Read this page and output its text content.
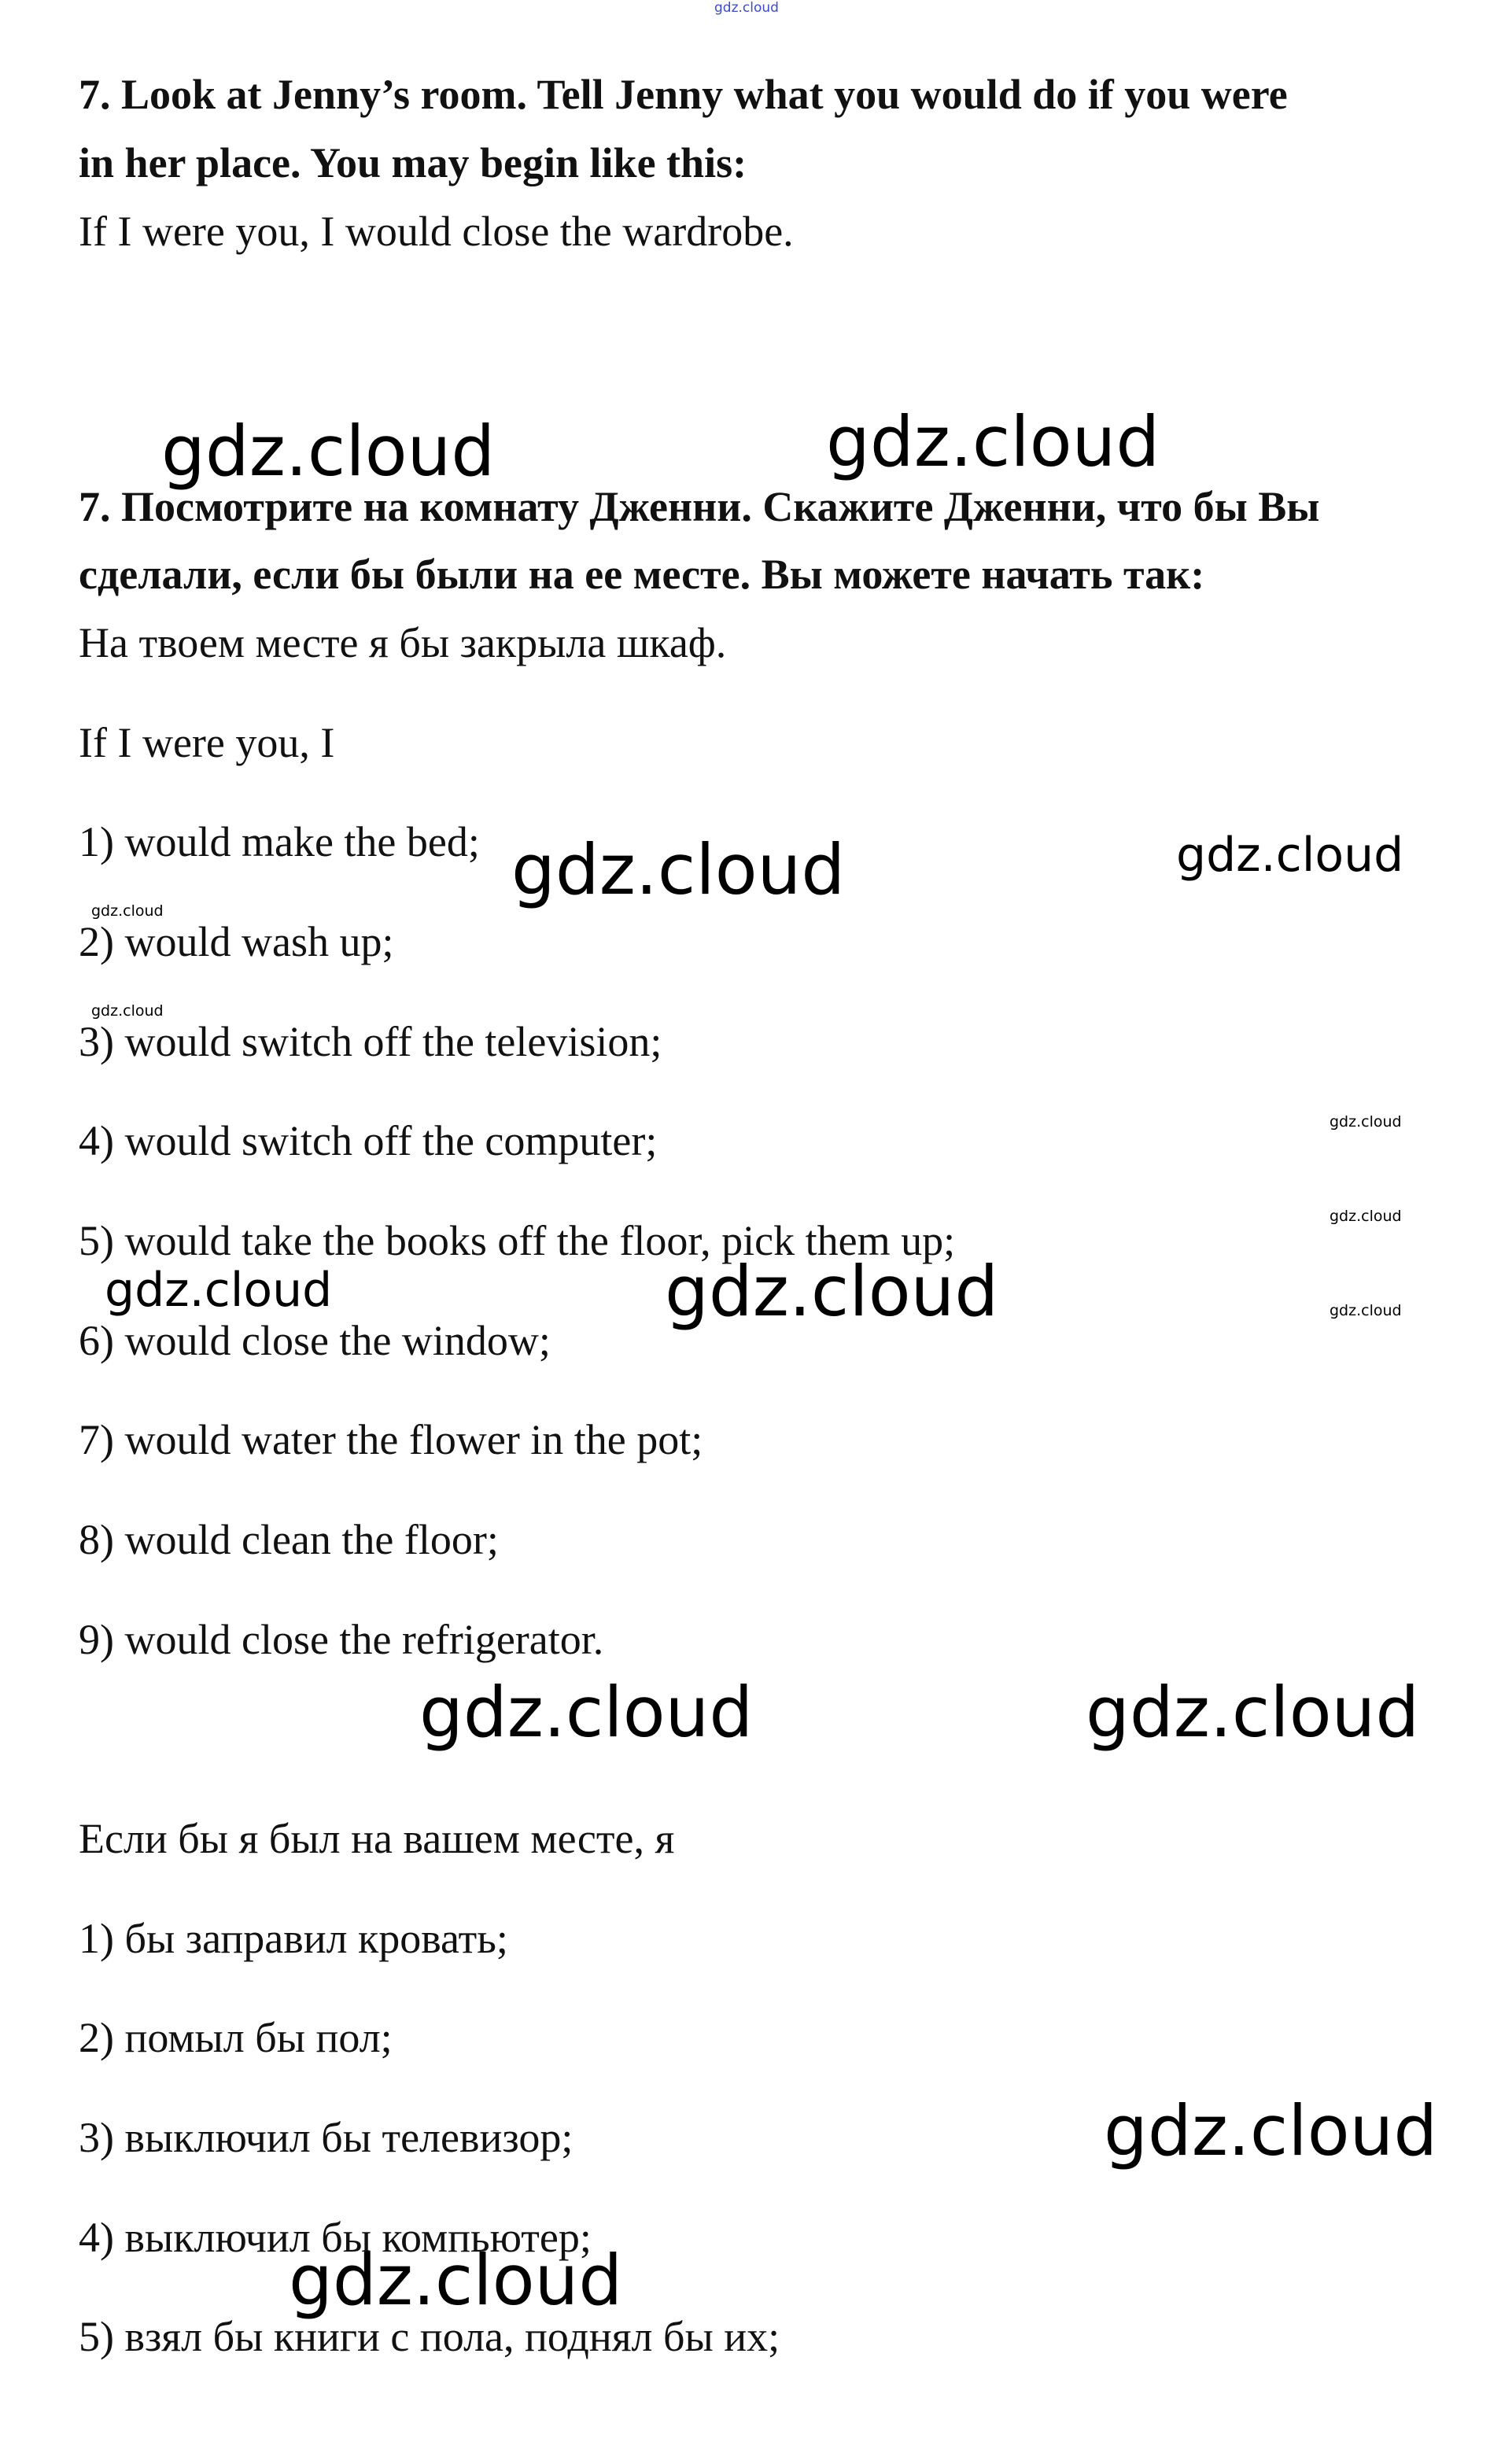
7. Look at Jenny’s room. Tell Jenny what you would do if you were
in her place. You may begin like this:
If I were you, I would close the wardrobe.
7. Посмотрите на комнату Дженни. Скажите Дженни, что бы Вы
сделали, если бы были на ее месте. Вы можете начать так:
На твоем месте я бы закрыла шкаф.
If I were you, I
1) would make the bed;
2) would wash up;
3) would switch off the television;
4) would switch off the computer;
5) would take the books off the floor, pick them up;
6) would close the window;
7) would water the flower in the pot;
8) would clean the floor;
9) would close the refrigerator.
Если бы я был на вашем месте, я
1) бы заправил кровать;
2) помыл бы пол;
3) выключил бы телевизор;
4) выключил бы компьютер;
5) взял бы книги с пола, поднял бы их;
gdz.cloud
gdz.cloud	gdz.cloud
gdz.cloud	gdz.cloud
gdz.cloud
gdz.cloud
gdz.cloud
gdz.cloud
gdz.cloud
gdz.cloud	gdz.cloud
gdz.cloud	gdz.cloud
gdz.cloud
gdz.cloud
